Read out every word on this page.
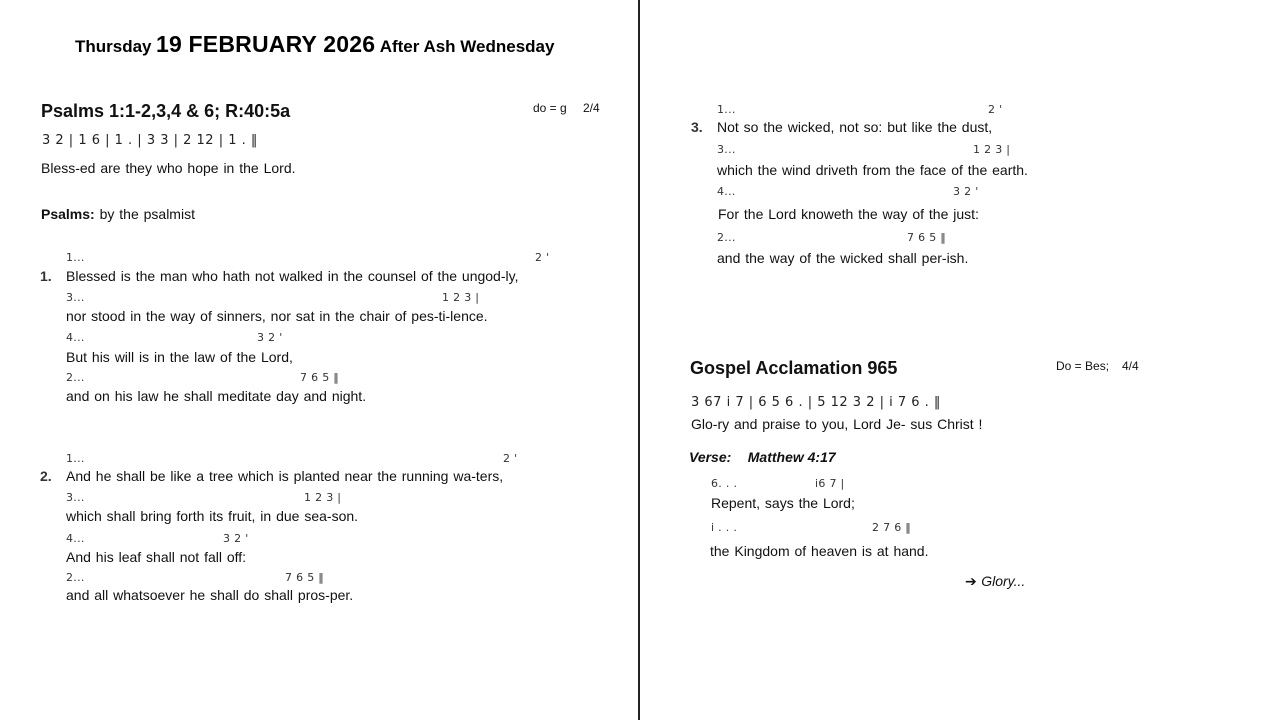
Thursday 19 FEBRUARY 2026 After Ash Wednesday
Psalms 1:1-2,3,4 & 6; R:40:5a	do = g 2/4
3 2 | 1 6 | 1 . | 3 3 | 2 12 | 1 . ‖
Bless-ed are they who hope in the Lord.
Psalms: by the psalmist
1.
1...	2 '
Blessed is the man who hath not walked in the counsel of the ungod-ly,
3...	1 2 3 |
nor stood in the way of sinners, nor sat in the chair of pes-ti-lence.
4...	3 2 '
But his will is in the law of the Lord,
2...	7 6 5 ‖
and on his law he shall meditate day and night.
2.
1...	2 '
And he shall be like a tree which is planted near the running wa-ters,
3...	1 2 3 |
which shall bring forth its fruit, in due sea-son.
4...	3 2 '
And his leaf shall not fall off:
2...	7 6 5 ‖
and all whatsoever he shall do shall pros-per.
3.
1...	2 '
Not so the wicked, not so: but like the dust,
3...	1 2 3 |
which the wind driveth from the face of the earth.
4...	3 2 '
For the Lord knoweth the way of the just:
2...	7 6 5 ‖
and the way of the wicked shall per-ish.
Gospel Acclamation 965	Do = Bes; 4/4
3 67 i 7 | 6 5 6 . | 5 12 3 2 | i 7 6 . ‖
Glo-ry and praise to you, Lord Je- sus Christ !
Verse: Matthew 4:17
6. . .	i6 7 |
Repent, says the Lord;
i . . .	2 7 6 ‖
the Kingdom of heaven is at hand.
➔ Glory...
